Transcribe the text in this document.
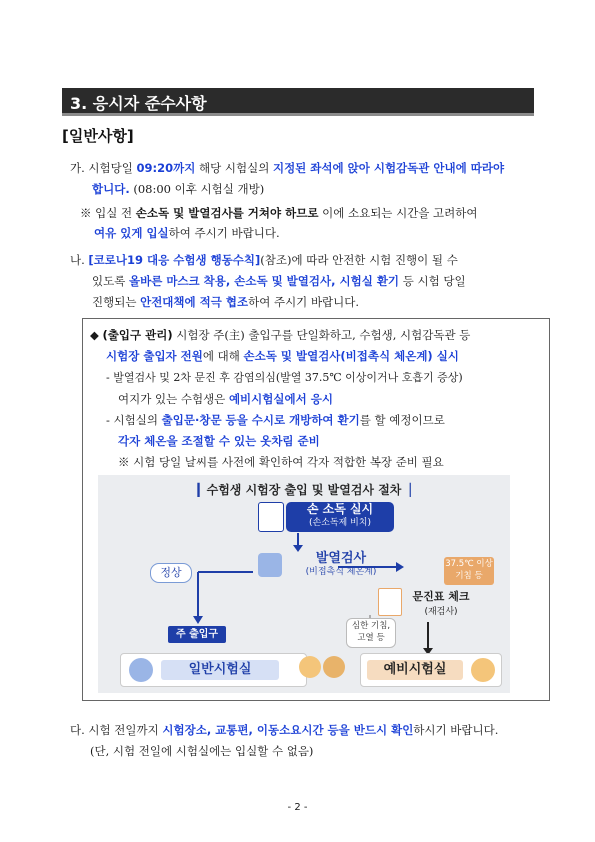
3. 응시자 준수사항
[일반사항]
가. 시험당일 09:20까지 해당 시험실의 지정된 좌석에 앉아 시험감독관 안내에 따라야
합니다. (08:00 이후 시험실 개방)
※ 입실 전 손소독 및 발열검사를 거쳐야 하므로 이에 소요되는 시간을 고려하여
여유 있게 입실하여 주시기 바랍니다.
나. [코로나19 대응 수험생 행동수칙](참조)에 따라 안전한 시험 진행이 될 수
있도록 올바른 마스크 착용, 손소독 및 발열검사, 시험실 환기 등 시험 당일
진행되는 안전대책에 적극 협조하여 주시기 바랍니다.
◆ (출입구 관리) 시험장 주(主) 출입구를 단일화하고, 수험생, 시험감독관 등
시험장 출입자 전원에 대해 손소독 및 발열검사(비접촉식 체온계) 실시
- 발열검사 및 2차 문진 후 감염의심(발열 37.5℃ 이상이거나 호흡기 증상)
여지가 있는 수험생은 예비시험실에서 응시
- 시험실의 출입문·창문 등을 수시로 개방하여 환기를 할 예정이므로
각자 체온을 조절할 수 있는 옷차림 준비
※ 시험 당일 날씨를 사전에 확인하여 각자 적합한 복장 준비 필요
▎수험생 시험장 출입 및 발열검사 절차▕
손 소독 실시
(손소독제 비치)
발열검사
(비접촉식 체온계)
정상
37.5℃ 이상
기침 등
문진표 체크
(재검사)
심한 기침,
고열 등
주 출입구
일반시험실	예비시험실
다. 시험 전일까지 시험장소, 교통편, 이동소요시간 등을 반드시 확인하시기 바랍니다.
(단, 시험 전일에 시험실에는 입실할 수 없음)
- 2 -
